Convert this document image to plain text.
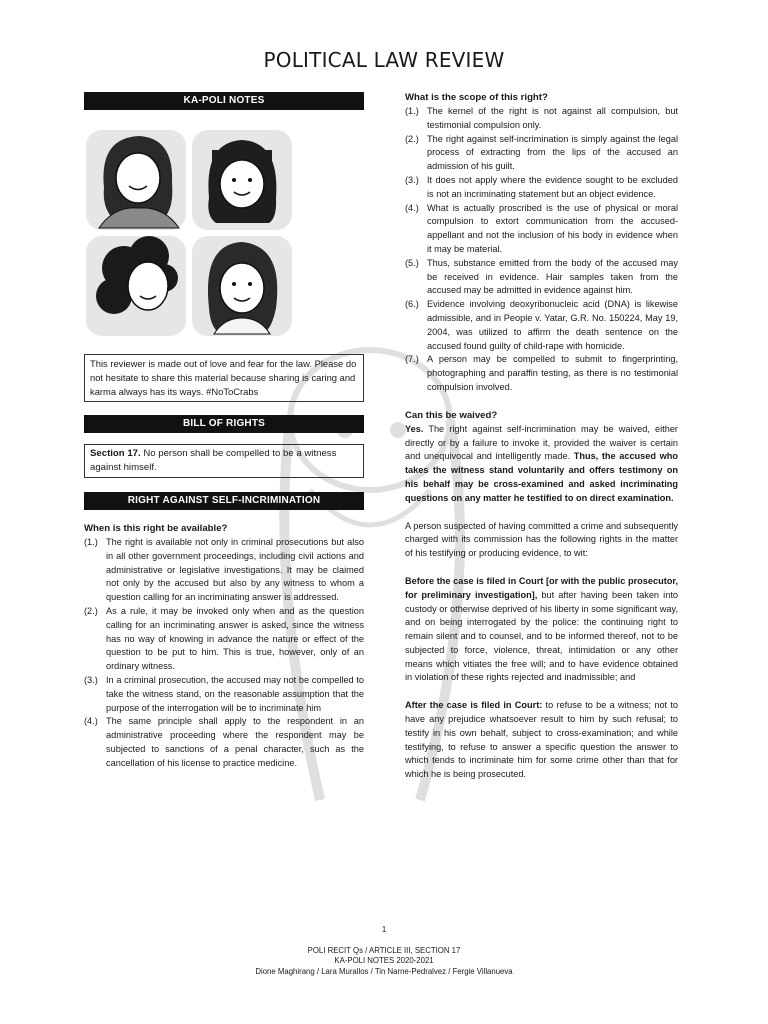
POLITICAL LAW REVIEW
KA-POLI NOTES
This reviewer is made out of love and fear for the law. Please do not hesitate to share this material because sharing is caring and karma always has its ways. #NoToCrabs
BILL OF RIGHTS
Section 17. No person shall be compelled to be a witness against himself.
RIGHT AGAINST SELF-INCRIMINATION
When is this right be available?
(1.) The right is available not only in criminal prosecutions but also in all other government proceedings, including civil actions and administrative or legislative investigations. It may be claimed not only by the accused but also by any witness to whom a question calling for an incriminating answer is addressed.
(2.) As a rule, it may be invoked only when and as the question calling for an incriminating answer is asked, since the witness has no way of knowing in advance the nature or effect of the question to be put to him. This is true, however, only of an ordinary witness.
(3.) In a criminal prosecution, the accused may not be compelled to take the witness stand, on the reasonable assumption that the purpose of the interrogation will be to incriminate him
(4.) The same principle shall apply to the respondent in an administrative proceeding where the respondent may be subjected to sanctions of a penal character, such as the cancellation of his license to practice medicine.
What is the scope of this right?
(1.) The kernel of the right is not against all compulsion, but testimonial compulsion only.
(2.) The right against self-incrimination is simply against the legal process of extracting from the lips of the accused an admission of his guilt.
(3.) It does not apply where the evidence sought to be excluded is not an incriminating statement but an object evidence.
(4.) What is actually proscribed is the use of physical or moral compulsion to extort communication from the accused-appellant and not the inclusion of his body in evidence when it may be material.
(5.) Thus, substance emitted from the body of the accused may be received in evidence. Hair samples taken from the accused may be admitted in evidence against him.
(6.) Evidence involving deoxyribonucleic acid (DNA) is likewise admissible, and in People v. Yatar, G.R. No. 150224, May 19, 2004, was utilized to affirm the death sentence on the accused found guilty of child-rape with homicide.
(7.) A person may be compelled to submit to fingerprinting, photographing and paraffin testing, as there is no testimonial compulsion involved.
Can this be waived?

Yes. The right against self-incrimination may be waived, either directly or by a failure to invoke it, provided the waiver is certain and unequivocal and intelligently made. Thus, the accused who takes the witness stand voluntarily and offers testimony on his behalf may be cross-examined and asked incriminating questions on any matter he testified to on direct examination.

A person suspected of having committed a crime and subsequently charged with its commission has the following rights in the matter of his testifying or producing evidence, to wit:

Before the case is filed in Court [or with the public prosecutor, for preliminary investigation], but after having been taken into custody or otherwise deprived of his liberty in some significant way, and on being interrogated by the police: the continuing right to remain silent and to counsel, and to be informed thereof, not to be subjected to force, violence, threat, intimidation or any other means which vitiates the free will; and to have evidence obtained in violation of these rights rejected and inadmissible; and

After the case is filed in Court: to refuse to be a witness; not to have any prejudice whatsoever result to him by such refusal; to testify in his own behalf, subject to cross-examination; and while testifying, to refuse to answer a specific question the answer to which tends to incriminate him for some crime other than that for which he is being prosecuted.

1
POLI RECIT Qs / ARTICLE III, SECTION 17
KA-POLI NOTES 2020-2021
Dione Maghirang / Lara Murallos / Tin Narne-Pedralvez / Fergie Villanueva
